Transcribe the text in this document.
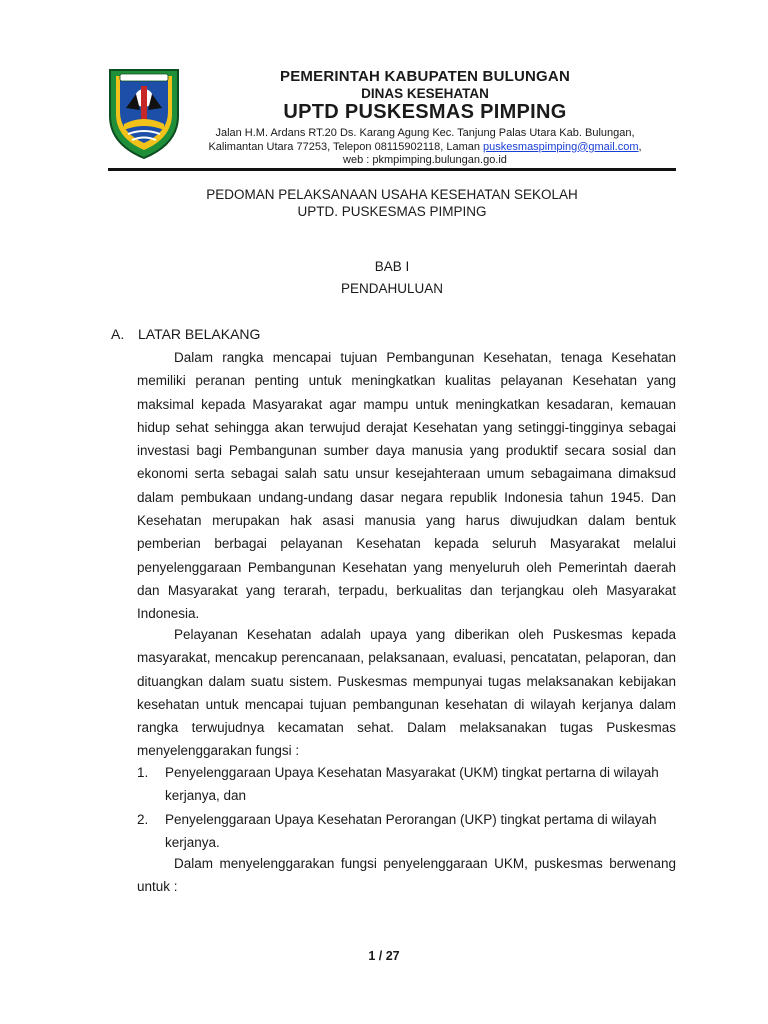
PEMERINTAH KABUPATEN BULUNGAN
DINAS KESEHATAN
UPTD PUSKESMAS PIMPING
Jalan H.M. Ardans RT.20 Ds. Karang Agung Kec. Tanjung Palas Utara Kab. Bulungan,
Kalimantan Utara 77253, Telepon 08115902118, Laman puskesmaspimping@gmail.com,
web : pkmpimping.bulungan.go.id
PEDOMAN PELAKSANAAN USAHA KESEHATAN SEKOLAH
UPTD. PUSKESMAS PIMPING
BAB I
PENDAHULUAN
A. LATAR BELAKANG

Dalam rangka mencapai tujuan Pembangunan Kesehatan, tenaga Kesehatan memiliki peranan penting untuk meningkatkan kualitas pelayanan Kesehatan yang maksimal kepada Masyarakat agar mampu untuk meningkatkan kesadaran, kemauan hidup sehat sehingga akan terwujud derajat Kesehatan yang setinggi-tingginya sebagai investasi bagi Pembangunan sumber daya manusia yang produktif secara sosial dan ekonomi serta sebagai salah satu unsur kesejahteraan umum sebagaimana dimaksud dalam pembukaan undang-undang dasar negara republik Indonesia tahun 1945. Dan Kesehatan merupakan hak asasi manusia yang harus diwujudkan dalam bentuk pemberian berbagai pelayanan Kesehatan kepada seluruh Masyarakat melalui penyelenggaraan Pembangunan Kesehatan yang menyeluruh oleh Pemerintah daerah dan Masyarakat yang terarah, terpadu, berkualitas dan terjangkau oleh Masyarakat Indonesia.

Pelayanan Kesehatan adalah upaya yang diberikan oleh Puskesmas kepada masyarakat, mencakup perencanaan, pelaksanaan, evaluasi, pencatatan, pelaporan, dan dituangkan dalam suatu sistem. Puskesmas mempunyai tugas melaksanakan kebijakan kesehatan untuk mencapai tujuan pembangunan kesehatan di wilayah kerjanya dalam rangka terwujudnya kecamatan sehat. Dalam melaksanakan tugas Puskesmas menyelenggarakan fungsi :

1.	Penyelenggaraan Upaya Kesehatan Masyarakat (UKM) tingkat pertarna di wilayah kerjanya, dan
2.	Penyelenggaraan Upaya Kesehatan Perorangan (UKP) tingkat pertama di wilayah kerjanya.

Dalam menyelenggarakan fungsi penyelenggaraan UKM, puskesmas berwenang untuk :

1 / 27
